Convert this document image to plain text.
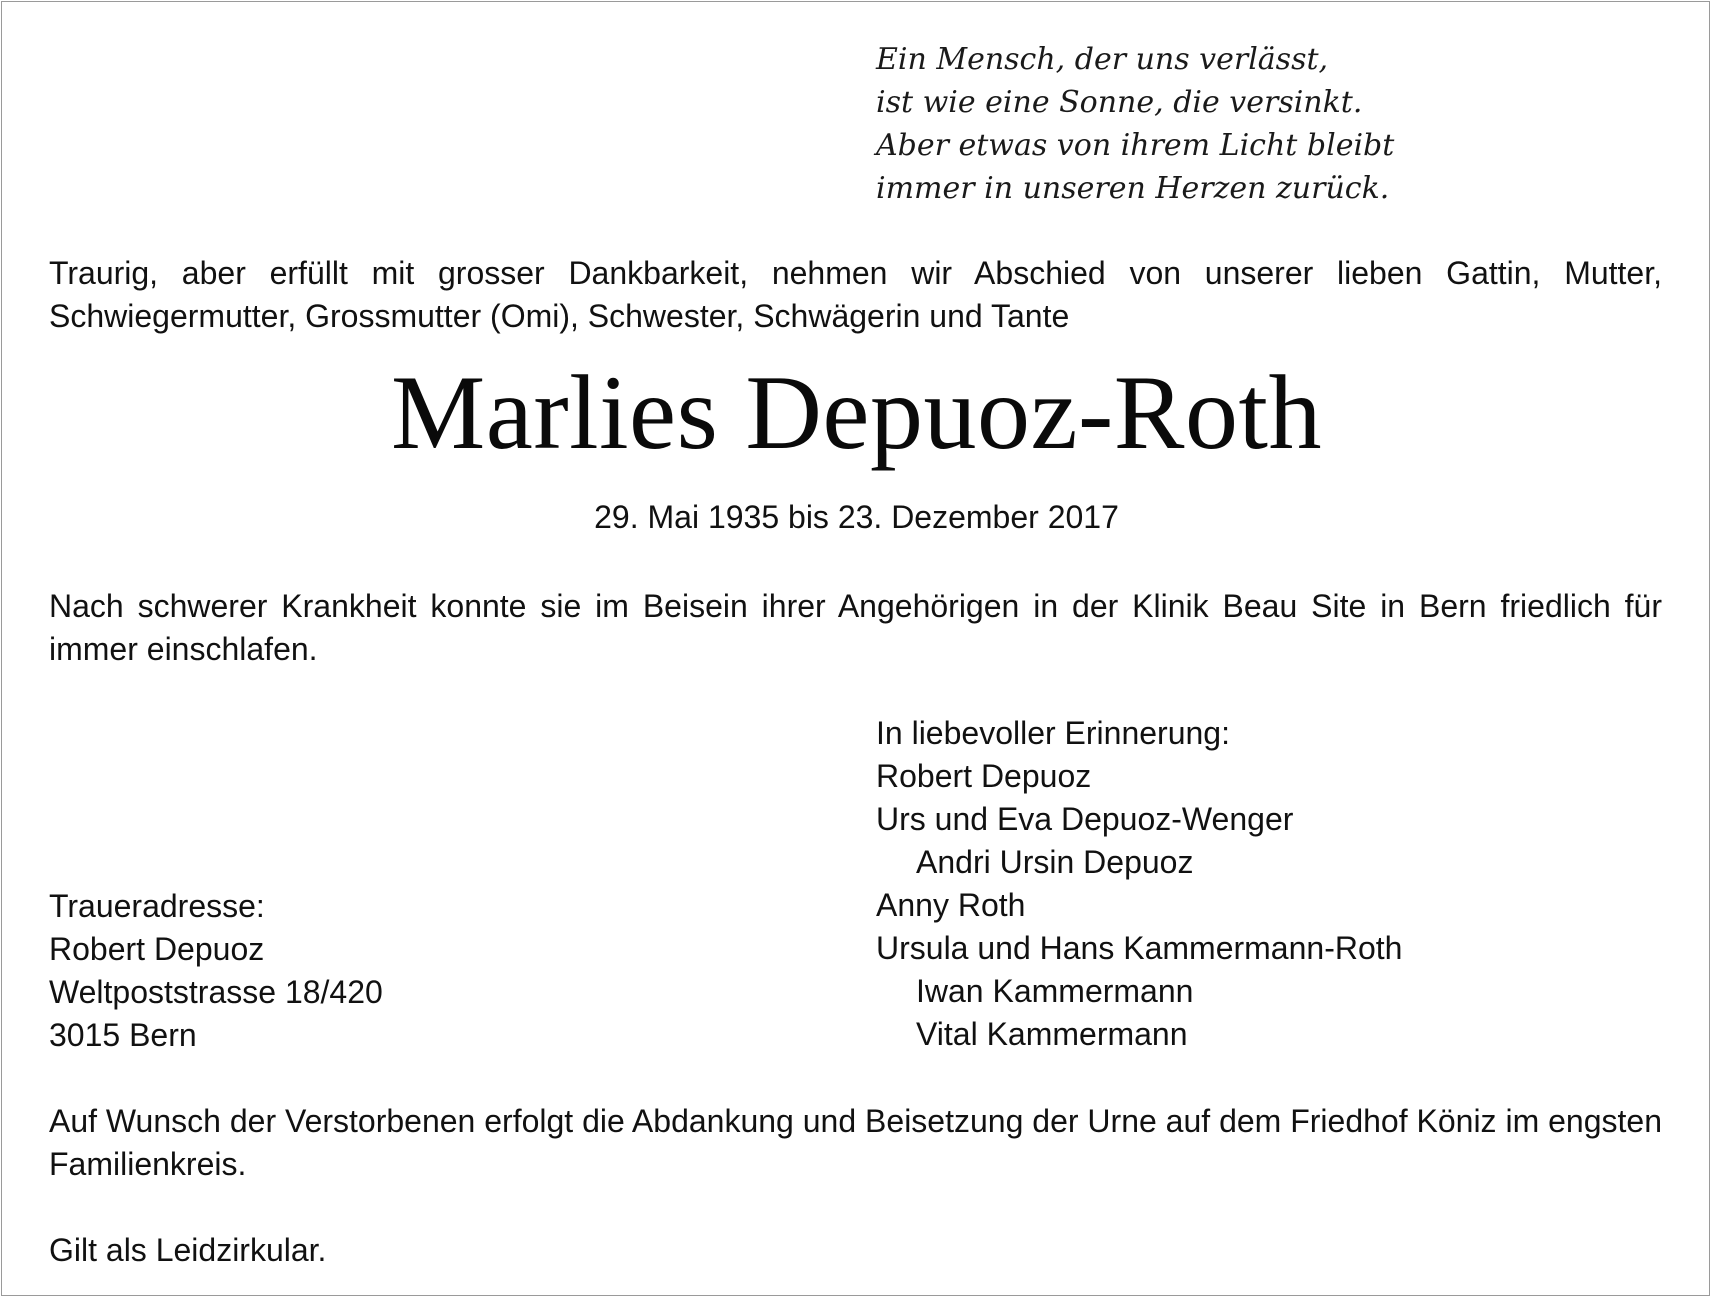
Ein Mensch, der uns verlässt,
ist wie eine Sonne, die versinkt.
Aber etwas von ihrem Licht bleibt
immer in unseren Herzen zurück.
Traurig, aber erfüllt mit grosser Dankbarkeit, nehmen wir Abschied von unserer lieben Gattin, Mutter, Schwiegermutter, Grossmutter (Omi), Schwester, Schwägerin und Tante
Marlies Depuoz-Roth
29. Mai 1935 bis 23. Dezember 2017
Nach schwerer Krankheit konnte sie im Beisein ihrer Angehörigen in der Klinik Beau Site in Bern friedlich für immer einschlafen.
In liebevoller Erinnerung:
Robert Depuoz
Urs und Eva Depuoz-Wenger
Andri Ursin Depuoz
Anny Roth
Ursula und Hans Kammermann-Roth
Iwan Kammermann
Vital Kammermann
Traueradresse:
Robert Depuoz
Weltpoststrasse 18/420
3015 Bern
Auf Wunsch der Verstorbenen erfolgt die Abdankung und Beisetzung der Urne auf dem Friedhof Köniz im engsten Familienkreis.
Gilt als Leidzirkular.
